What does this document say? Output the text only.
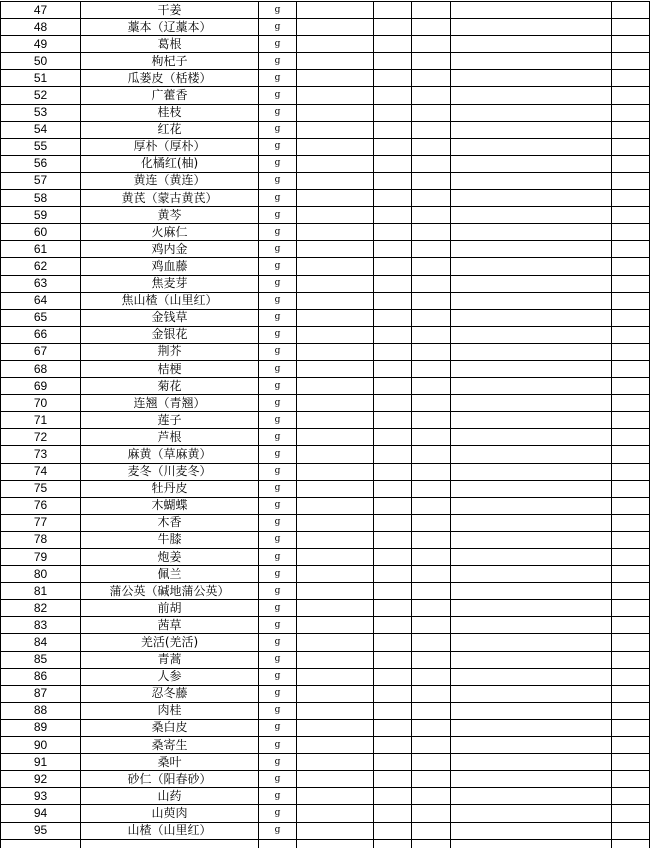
47	干姜	g					
48	藁本（辽藁本）	g					
49	葛根	g					
50	枸杞子	g					
51	瓜蒌皮（栝楼）	g					
52	广藿香	g					
53	桂枝	g					
54	红花	g					
55	厚朴（厚朴）	g					
56	化橘红(柚)	g					
57	黄连（黄连）	g					
58	黄芪（蒙古黄芪）	g					
59	黄芩	g					
60	火麻仁	g					
61	鸡内金	g					
62	鸡血藤	g					
63	焦麦芽	g					
64	焦山楂（山里红）	g					
65	金钱草	g					
66	金银花	g					
67	荆芥	g					
68	桔梗	g					
69	菊花	g					
70	连翘（青翘）	g					
71	莲子	g					
72	芦根	g					
73	麻黄（草麻黄）	g					
74	麦冬（川麦冬）	g					
75	牡丹皮	g					
76	木蝴蝶	g					
77	木香	g					
78	牛膝	g					
79	炮姜	g					
80	佩兰	g					
81	蒲公英（碱地蒲公英）	g					
82	前胡	g					
83	茜草	g					
84	羌活(羌活)	g					
85	青蒿	g					
86	人参	g					
87	忍冬藤	g					
88	肉桂	g					
89	桑白皮	g					
90	桑寄生	g					
91	桑叶	g					
92	砂仁（阳春砂）	g					
93	山药	g					
94	山萸肉	g					
95	山楂（山里红）	g					
